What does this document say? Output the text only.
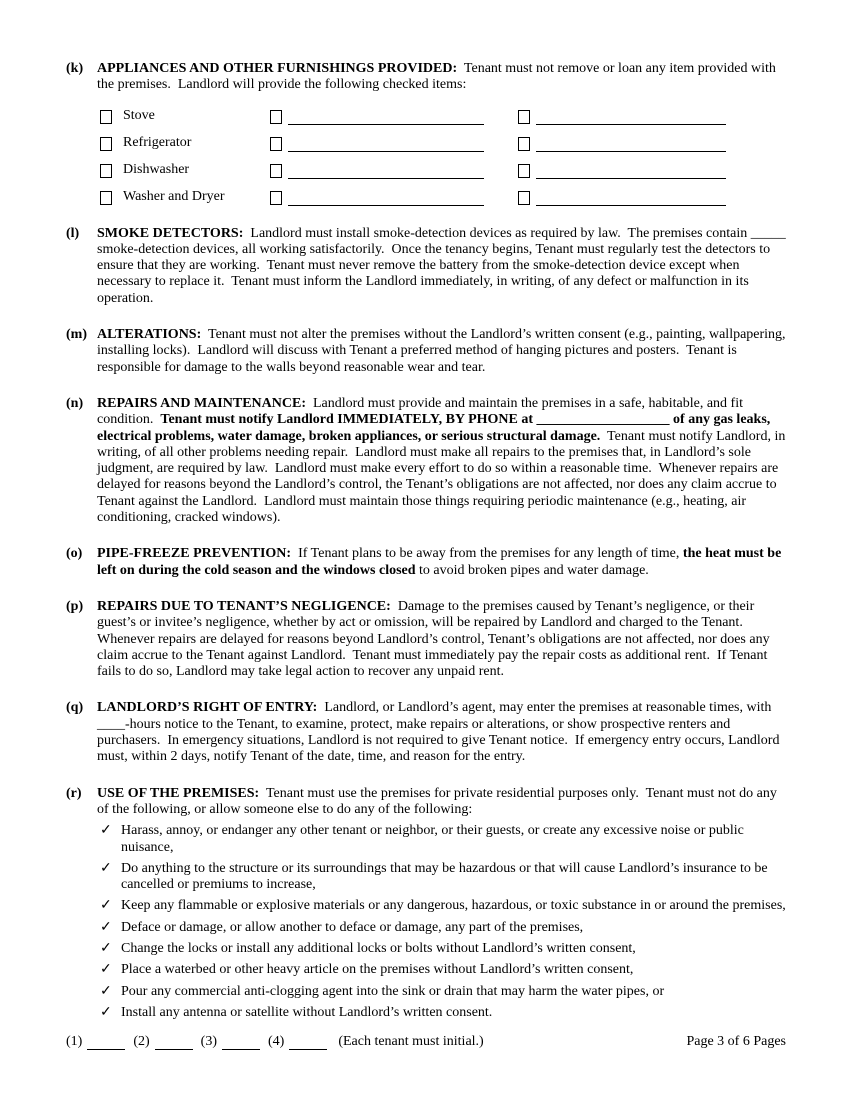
(k) APPLIANCES AND OTHER FURNISHINGS PROVIDED:  Tenant must not remove or loan any item provided with the premises.  Landlord will provide the following checked items:

Stove
Refrigerator
Dishwasher
Washer and Dryer
(l)	SMOKE DETECTORS:  Landlord must install smoke-detection devices as required by law.  The premises contain _____ smoke-detection devices, all working satisfactorily.  Once the tenancy begins, Tenant must regularly test the detectors to ensure that they are working.  Tenant must never remove the battery from the smoke-detection device except when necessary to replace it.  Tenant must inform the Landlord immediately, in writing, of any defect or malfunction in its operation.

(m) ALTERATIONS:  Tenant must not alter the premises without the Landlord’s written consent (e.g., painting, wallpapering, installing locks).  Landlord will discuss with Tenant a preferred method of hanging pictures and posters.  Tenant is responsible for damage to the walls beyond reasonable wear and tear.

(n) REPAIRS AND MAINTENANCE:  Landlord must provide and maintain the premises in a safe, habitable, and fit condition.  Tenant must notify Landlord IMMEDIATELY, BY PHONE at ___________________ of any gas leaks, electrical problems, water damage, broken appliances, or serious structural damage.  Tenant must notify Landlord, in writing, of all other problems needing repair.  Landlord must make all repairs to the premises that, in Landlord’s sole judgment, are required by law.  Landlord must make every effort to do so within a reasonable time.  Whenever repairs are delayed for reasons beyond the Landlord’s control, the Tenant’s obligations are not affected, nor does any claim accrue to Tenant against the Landlord.  Landlord must maintain those things requiring periodic maintenance (e.g., heating, air conditioning, cracked windows).

(o)	PIPE-FREEZE PREVENTION:  If Tenant plans to be away from the premises for any length of time, the heat must be left on during the cold season and the windows closed to avoid broken pipes and water damage.

(p) REPAIRS DUE TO TENANT’S NEGLIGENCE:  Damage to the premises caused by Tenant’s negligence, or their guest’s or invitee’s negligence, whether by act or omission, will be repaired by Landlord and charged to the Tenant.  Whenever repairs are delayed for reasons beyond Landlord’s control, Tenant’s obligations are not affected, nor does any claim accrue to the Tenant against Landlord.  Tenant must immediately pay the repair costs as additional rent.  If Tenant fails to do so, Landlord may take legal action to recover any unpaid rent.

(q) LANDLORD’S RIGHT OF ENTRY:  Landlord, or Landlord’s agent, may enter the premises at reasonable times, with ____-hours notice to the Tenant, to examine, protect, make repairs or alterations, or show prospective renters and purchasers.  In emergency situations, Landlord is not required to give Tenant notice.  If emergency entry occurs, Landlord must, within 2 days, notify Tenant of the date, time, and reason for the entry.

(r)	USE OF THE PREMISES:  Tenant must use the premises for private residential purposes only.  Tenant must not do any of the following, or allow someone else to do any of the following:

✓ Harass, annoy, or endanger any other tenant or neighbor, or their guests, or create any excessive noise or public nuisance,
✓ Do anything to the structure or its surroundings that may be hazardous or that will cause Landlord’s insurance to be cancelled or premiums to increase,
✓ Keep any flammable or explosive materials or any dangerous, hazardous, or toxic substance in or around the premises,
✓ Deface or damage, or allow another to deface or damage, any part of the premises,
✓ Change the locks or install any additional locks or bolts without Landlord’s written consent,
✓ Place a waterbed or other heavy article on the premises without Landlord’s written consent,
✓ Pour any commercial anti-clogging agent into the sink or drain that may harm the water pipes, or
✓ Install any antenna or satellite without Landlord’s written consent.
(1)	(2)	(3)	(4)	(Each tenant must initial.)	Page 3 of 6 Pages
